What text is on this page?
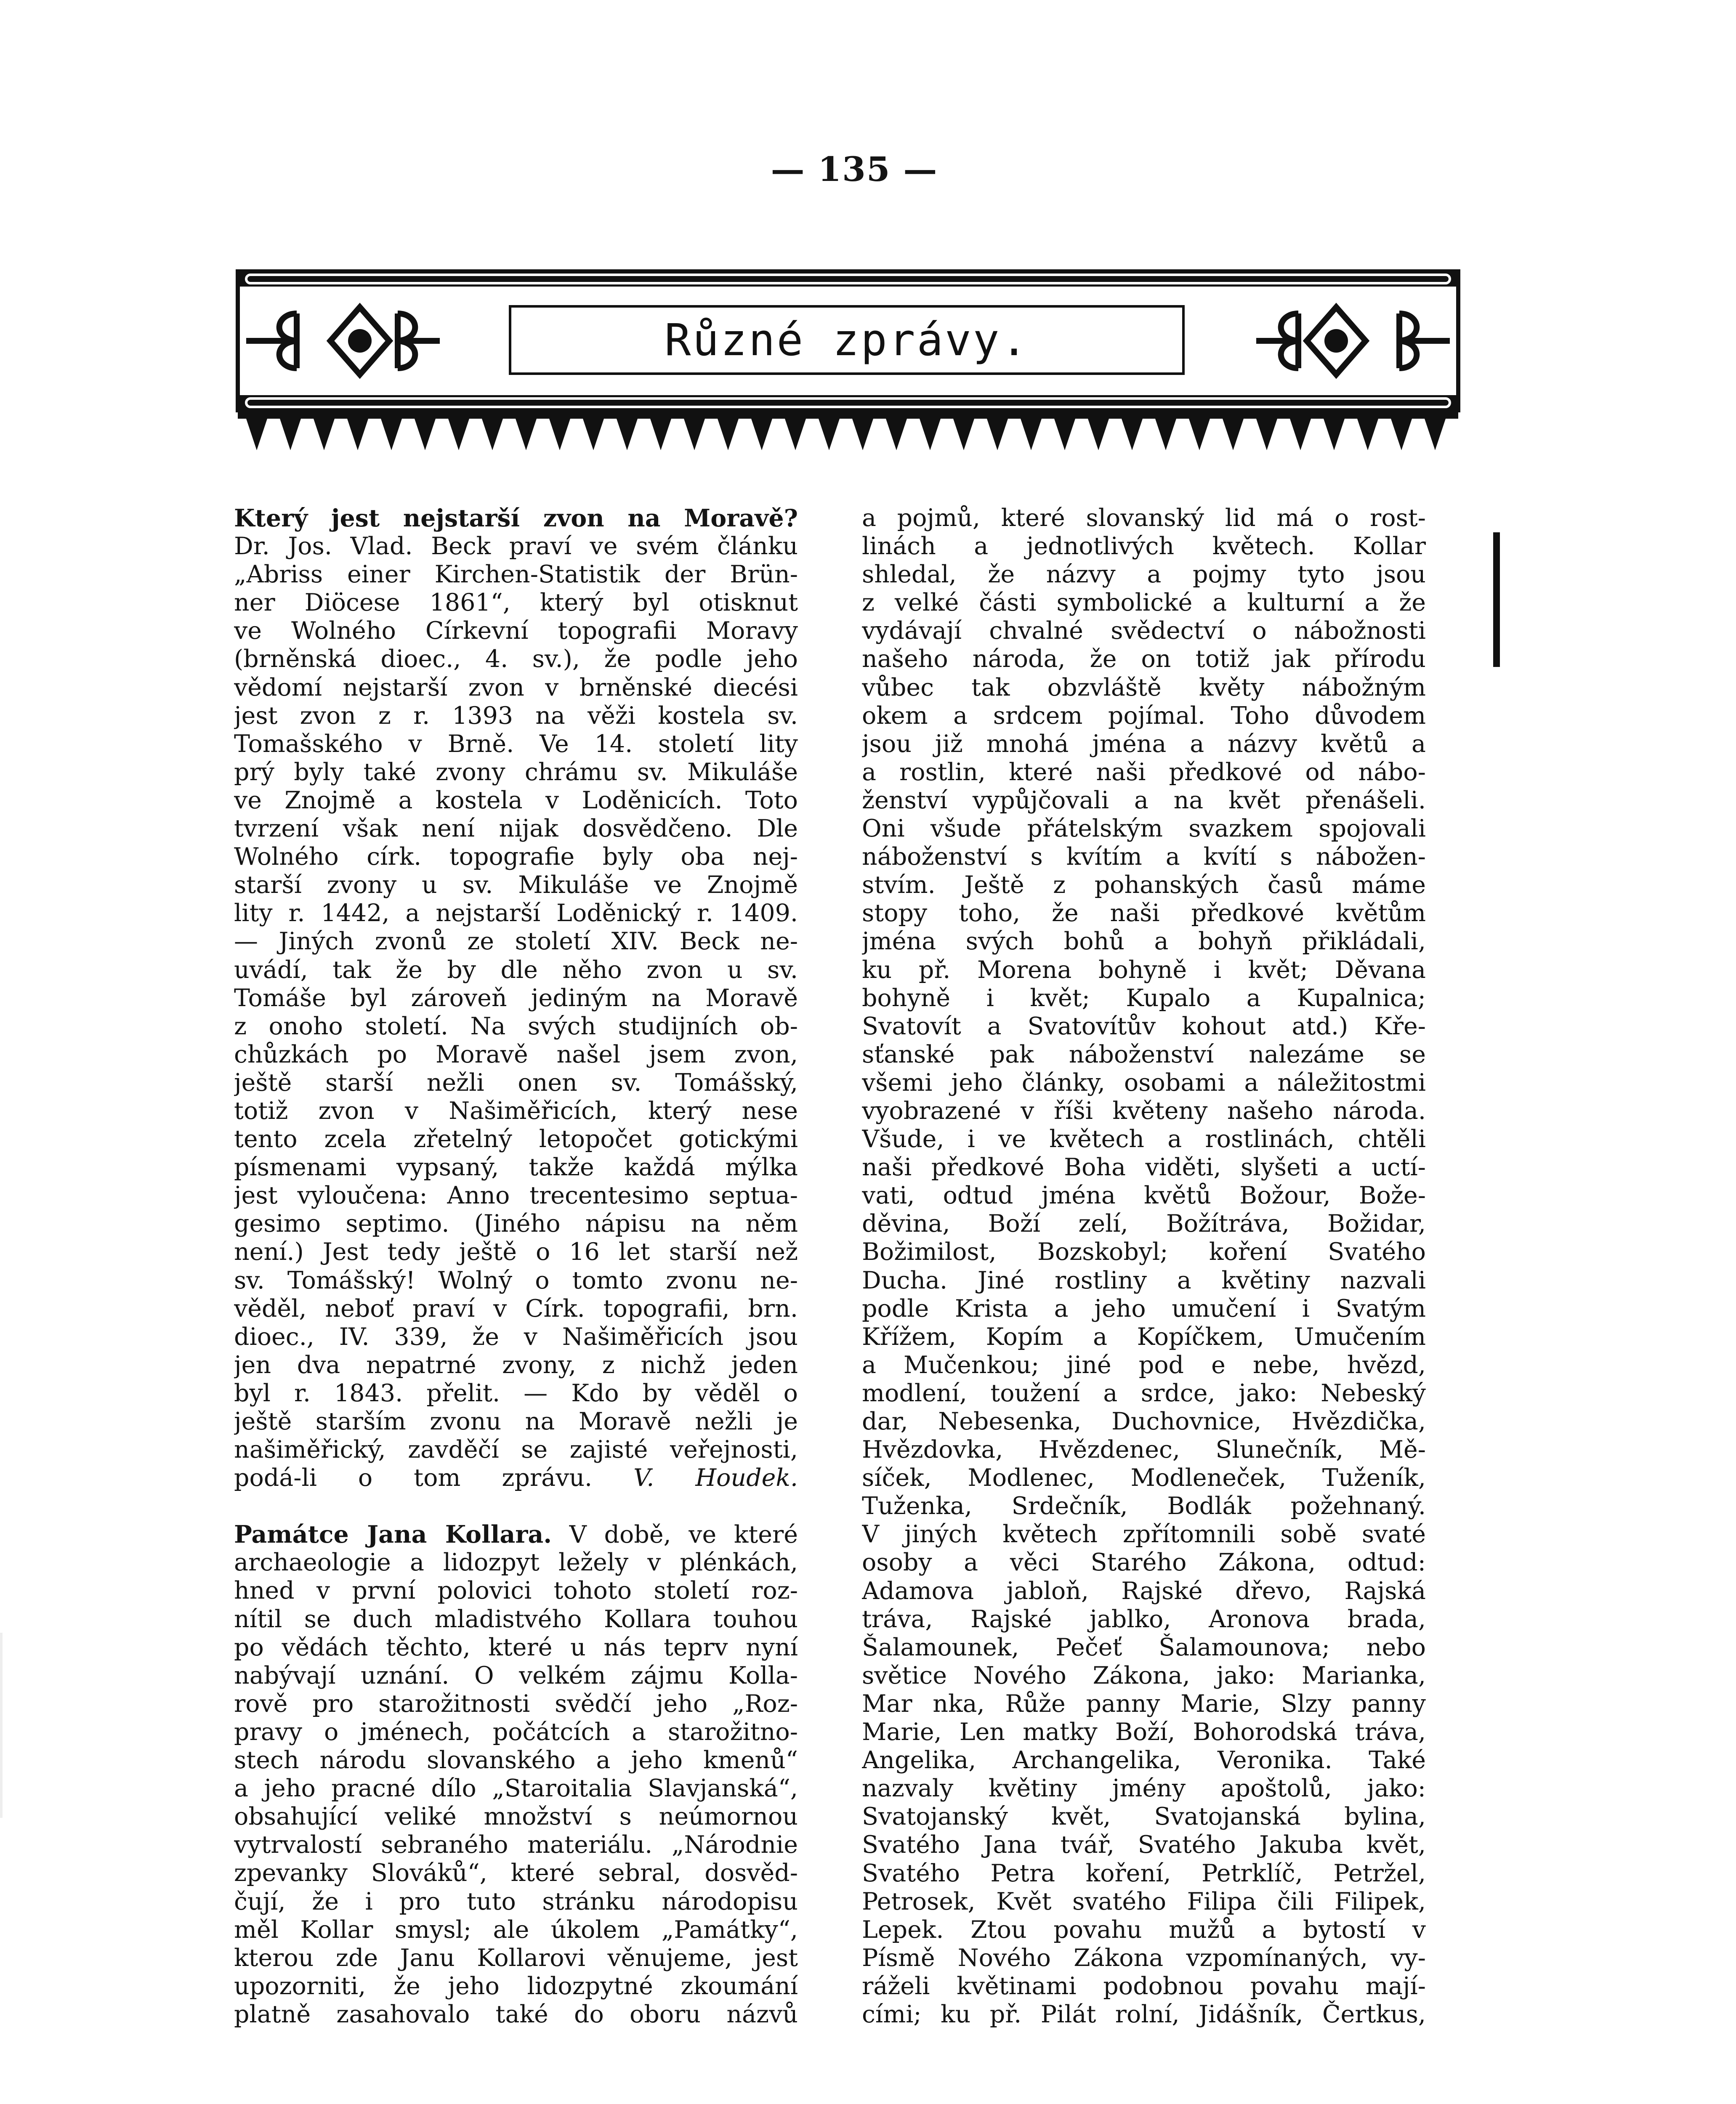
— 135 —
Různé zprávy.
Který jest nejstarší zvon na Moravě?
Dr. Jos. Vlad. Beck praví ve svém článku
„Abriss einer Kirchen-Statistik der Brün-
ner Diöcese 1861“, který byl otisknut
ve Wolného Církevní topografii Moravy
(brněnská dioec., 4. sv.), že podle jeho
vědomí nejstarší zvon v brněnské diecési
jest zvon z r. 1393 na věži kostela sv.
Tomašského v Brně. Ve 14. století lity
prý byly také zvony chrámu sv. Mikuláše
ve Znojmě a kostela v Loděnicích. Toto
tvrzení však není nijak dosvědčeno. Dle
Wolného círk. topografie byly oba nej-
starší zvony u sv. Mikuláše ve Znojmě
lity r. 1442, a nejstarší Loděnický r. 1409.
— Jiných zvonů ze století XIV. Beck ne-
uvádí, tak že by dle něho zvon u sv.
Tomáše byl zároveň jediným na Moravě
z onoho století. Na svých studijních ob-
chůzkách po Moravě našel jsem zvon,
ještě starší nežli onen sv. Tomášský,
totiž zvon v Našiměřicích, který nese
tento zcela zřetelný letopočet gotickými
písmenami vypsaný, takže každá mýlka
jest vyloučena: Anno trecentesimo septua-
gesimo septimo. (Jiného nápisu na něm
není.) Jest tedy ještě o 16 let starší než
sv. Tomášský! Wolný o tomto zvonu ne-
věděl, neboť praví v Círk. topografii, brn.
dioec., IV. 339, že v Našiměřicích jsou
jen dva nepatrné zvony, z nichž jeden
byl r. 1843. přelit. — Kdo by věděl o
ještě starším zvonu na Moravě nežli je
našiměřický, zavděčí se zajisté veřejnosti,
podá-li o tom zprávu. V. Houdek.
Památce Jana Kollara. V době, ve které
archaeologie a lidozpyt ležely v plénkách,
hned v první polovici tohoto století roz-
nítil se duch mladistvého Kollara touhou
po vědách těchto, které u nás teprv nyní
nabývají uznání. O velkém zájmu Kolla-
rově pro starožitnosti svědčí jeho „Roz-
pravy o jménech, počátcích a starožitno-
stech národu slovanského a jeho kmenů“
a jeho pracné dílo „Staroitalia Slavjanská“,
obsahující veliké množství s neúmornou
vytrvalostí sebraného materiálu. „Národnie
zpevanky Slováků“, které sebral, dosvěd-
čují, že i pro tuto stránku národopisu
měl Kollar smysl; ale úkolem „Památky“,
kterou zde Janu Kollarovi věnujeme, jest
upozorniti, že jeho lidozpytné zkoumání
platně zasahovalo také do oboru názvů
a pojmů, které slovanský lid má o rost-
linách a jednotlivých květech. Kollar
shledal, že názvy a pojmy tyto jsou
z velké části symbolické a kulturní a že
vydávají chvalné svědectví o nábožnosti
našeho národa, že on totiž jak přírodu
vůbec tak obzvláště květy nábožným
okem a srdcem pojímal. Toho důvodem
jsou již mnohá jména a názvy květů a
a rostlin, které naši předkové od nábo-
ženství vypůjčovali a na květ přenášeli.
Oni všude přátelským svazkem spojovali
náboženství s kvítím a kvítí s nábožen-
stvím. Ještě z pohanských časů máme
stopy toho, že naši předkové květům
jména svých bohů a bohyň přikládali,
ku př. Morena bohyně i květ; Děvana
bohyně i květ; Kupalo a Kupalnica;
Svatovít a Svatovítův kohout atd.) Kře-
sťanské pak náboženství nalezáme se
všemi jeho články, osobami a náležitostmi
vyobrazené v říši květeny našeho národa.
Všude, i ve květech a rostlinách, chtěli
naši předkové Boha viděti, slyšeti a uctí-
vati, odtud jména květů Božour, Bože-
děvina, Boží zelí, Božítráva, Božidar,
Božimilost, Bozskobyl; koření Svatého
Ducha. Jiné rostliny a květiny nazvali
podle Krista a jeho umučení i Svatým
Křížem, Kopím a Kopíčkem, Umučením
a Mučenkou; jiné pod e nebe, hvězd,
modlení, toužení a srdce, jako: Nebeský
dar, Nebesenka, Duchovnice, Hvězdička,
Hvězdovka, Hvězdenec, Slunečník, Mě-
síček, Modlenec, Modleneček, Tuženík,
Tuženka, Srdečník, Bodlák požehnaný.
V jiných květech zpřítomnili sobě svaté
osoby a věci Starého Zákona, odtud:
Adamova jabloň, Rajské dřevo, Rajská
tráva, Rajské jablko, Aronova brada,
Šalamounek, Pečeť Šalamounova; nebo
světice Nového Zákona, jako: Marianka,
Mar nka, Růže panny Marie, Slzy panny
Marie, Len matky Boží, Bohorodská tráva,
Angelika, Archangelika, Veronika. Také
nazvaly květiny jmény apoštolů, jako:
Svatojanský květ, Svatojanská bylina,
Svatého Jana tvář, Svatého Jakuba květ,
Svatého Petra koření, Petrklíč, Petržel,
Petrosek, Květ svatého Filipa čili Filipek,
Lepek. Ztou povahu mužů a bytostí v
Písmě Nového Zákona vzpomínaných, vy-
ráželi květinami podobnou povahu mají-
cími; ku př. Pilát rolní, Jidášník, Čertkus,
